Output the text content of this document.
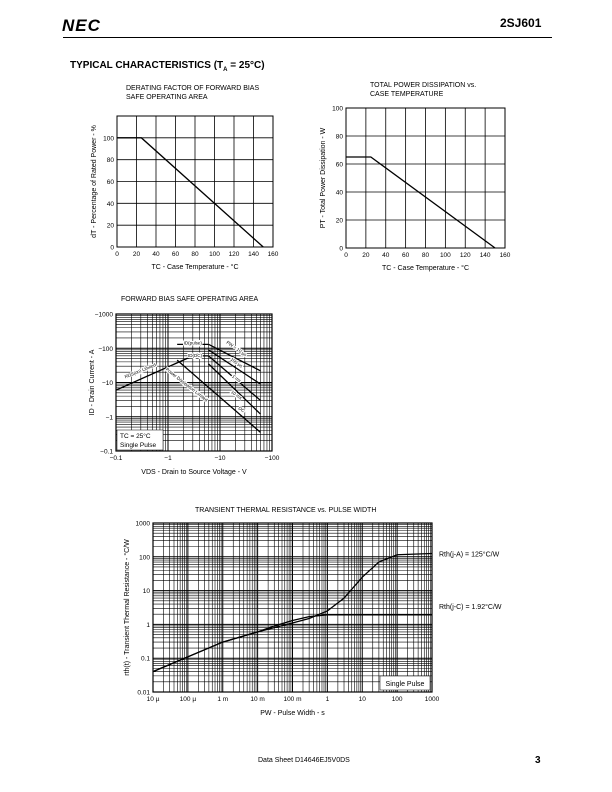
NEC	2SJ601
TYPICAL CHARACTERISTICS $(T_A = 25^\circ C)$
DERATING FACTOR OF FORWARD BIAS
SAFE OPERATING AREA
0 20 40 60 80 100 120 140 160
0
20
40
60
80
100
TC - Case Temperature - °C
dT - Percentage of Rated Power - %
TOTAL POWER DISSIPATION vs.
CASE TEMPERATURE
0 20 40 60 80 100 120 140 160
0
20
40
60
80
100
TC - Case Temperature - °C
PT - Total Power Dissipation - W
FORWARD BIAS SAFE OPERATING AREA
−0.1	−1	−10	−100
−0.1
−1
−10
−100
−1000
VDS - Drain to Source Voltage - V
ID - Drain Current - A
TC = 25°C
Single Pulse
RDS(on) Limited
ID(pulse)
ID(DC)
Power Dissipation Limited
PW = 10 µs
100 µs
1 ms
10 ms
DC
TRANSIENT THERMAL RESISTANCE vs. PULSE WIDTH
10 µ	100 µ	1 m	10 m	100 m	1	10	100	1000
0.01
0.1
1
10
100
1000
PW - Pulse Width - s
rth(t) - Transient Thermal Resistance - °C/W	Rth(j-A) = 125°C/W
Rth(j-C) = 1.92°C/W
Single Pulse
Data Sheet D14646EJ5V0DS	3
